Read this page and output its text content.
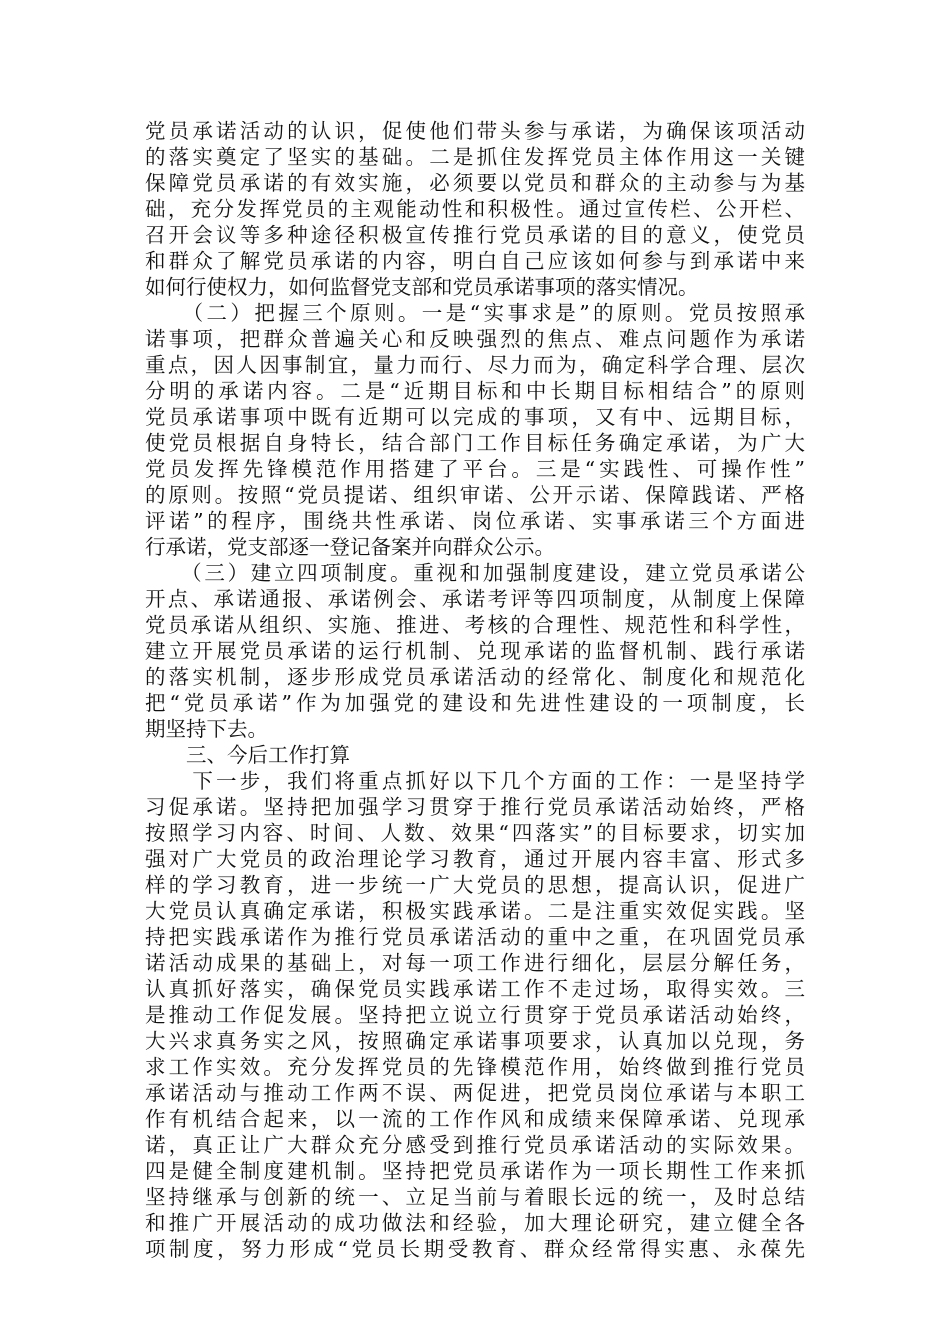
党员承诺活动的认识，促使他们带头参与承诺，为确保该项活动
的落实奠定了坚实的基础。二是抓住发挥党员主体作用这一关键
保障党员承诺的有效实施，必须要以党员和群众的主动参与为基
础，充分发挥党员的主观能动性和积极性。通过宣传栏、公开栏、
召开会议等多种途径积极宣传推行党员承诺的目的意义，使党员
和群众了解党员承诺的内容，明白自己应该如何参与到承诺中来
如何行使权力，如何监督党支部和党员承诺事项的落实情况。
　　（二）把握三个原则。一是“实事求是”的原则。党员按照承
诺事项，把群众普遍关心和反映强烈的焦点、难点问题作为承诺
重点，因人因事制宜，量力而行、尽力而为，确定科学合理、层次
分明的承诺内容。二是“近期目标和中长期目标相结合”的原则
党员承诺事项中既有近期可以完成的事项，又有中、远期目标，
使党员根据自身特长，结合部门工作目标任务确定承诺，为广大
党员发挥先锋模范作用搭建了平台。三是“实践性、可操作性”
的原则。按照“党员提诺、组织审诺、公开示诺、保障践诺、严格
评诺”的程序，围绕共性承诺、岗位承诺、实事承诺三个方面进
行承诺，党支部逐一登记备案并向群众公示。
　　（三）建立四项制度。重视和加强制度建设，建立党员承诺公
开点、承诺通报、承诺例会、承诺考评等四项制度，从制度上保障
党员承诺从组织、实施、推进、考核的合理性、规范性和科学性，
建立开展党员承诺的运行机制、兑现承诺的监督机制、践行承诺
的落实机制，逐步形成党员承诺活动的经常化、制度化和规范化
把“党员承诺”作为加强党的建设和先进性建设的一项制度，长
期坚持下去。
　　三、今后工作打算
　　下一步，我们将重点抓好以下几个方面的工作：一是坚持学
习促承诺。坚持把加强学习贯穿于推行党员承诺活动始终，严格
按照学习内容、时间、人数、效果“四落实”的目标要求，切实加
强对广大党员的政治理论学习教育，通过开展内容丰富、形式多
样的学习教育，进一步统一广大党员的思想，提高认识，促进广
大党员认真确定承诺，积极实践承诺。二是注重实效促实践。坚
持把实践承诺作为推行党员承诺活动的重中之重，在巩固党员承
诺活动成果的基础上，对每一项工作进行细化，层层分解任务，
认真抓好落实，确保党员实践承诺工作不走过场，取得实效。三
是推动工作促发展。坚持把立说立行贯穿于党员承诺活动始终，
大兴求真务实之风，按照确定承诺事项要求，认真加以兑现，务
求工作实效。充分发挥党员的先锋模范作用，始终做到推行党员
承诺活动与推动工作两不误、两促进，把党员岗位承诺与本职工
作有机结合起来，以一流的工作作风和成绩来保障承诺、兑现承
诺，真正让广大群众充分感受到推行党员承诺活动的实际效果。
四是健全制度建机制。坚持把党员承诺作为一项长期性工作来抓
坚持继承与创新的统一、立足当前与着眼长远的统一，及时总结
和推广开展活动的成功做法和经验，加大理论研究，建立健全各
项制度，努力形成“党员长期受教育、群众经常得实惠、永葆先
